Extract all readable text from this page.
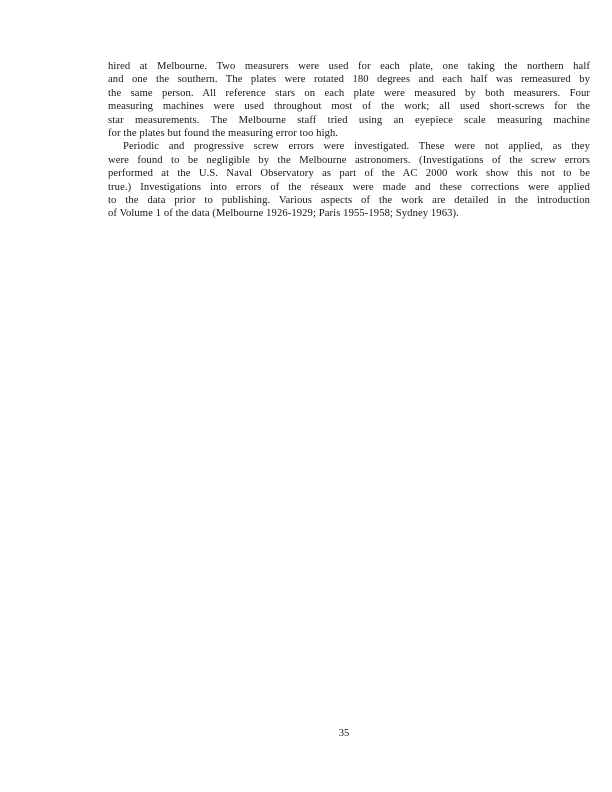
hired at Melbourne. Two measurers were used for each plate, one taking the northern half
and one the southern. The plates were rotated 180 degrees and each half was remeasured by
the same person. All reference stars on each plate were measured by both measurers. Four
measuring machines were used throughout most of the work; all used short-screws for the
star measurements. The Melbourne staff tried using an eyepiece scale measuring machine
for the plates but found the measuring error too high.
Periodic and progressive screw errors were investigated. These were not applied, as they
were found to be negligible by the Melbourne astronomers. (Investigations of the screw errors
performed at the U.S. Naval Observatory as part of the AC 2000 work show this not to be
true.) Investigations into errors of the réseaux were made and these corrections were applied
to the data prior to publishing. Various aspects of the work are detailed in the introduction
of Volume 1 of the data (Melbourne 1926-1929; Paris 1955-1958; Sydney 1963).
35
